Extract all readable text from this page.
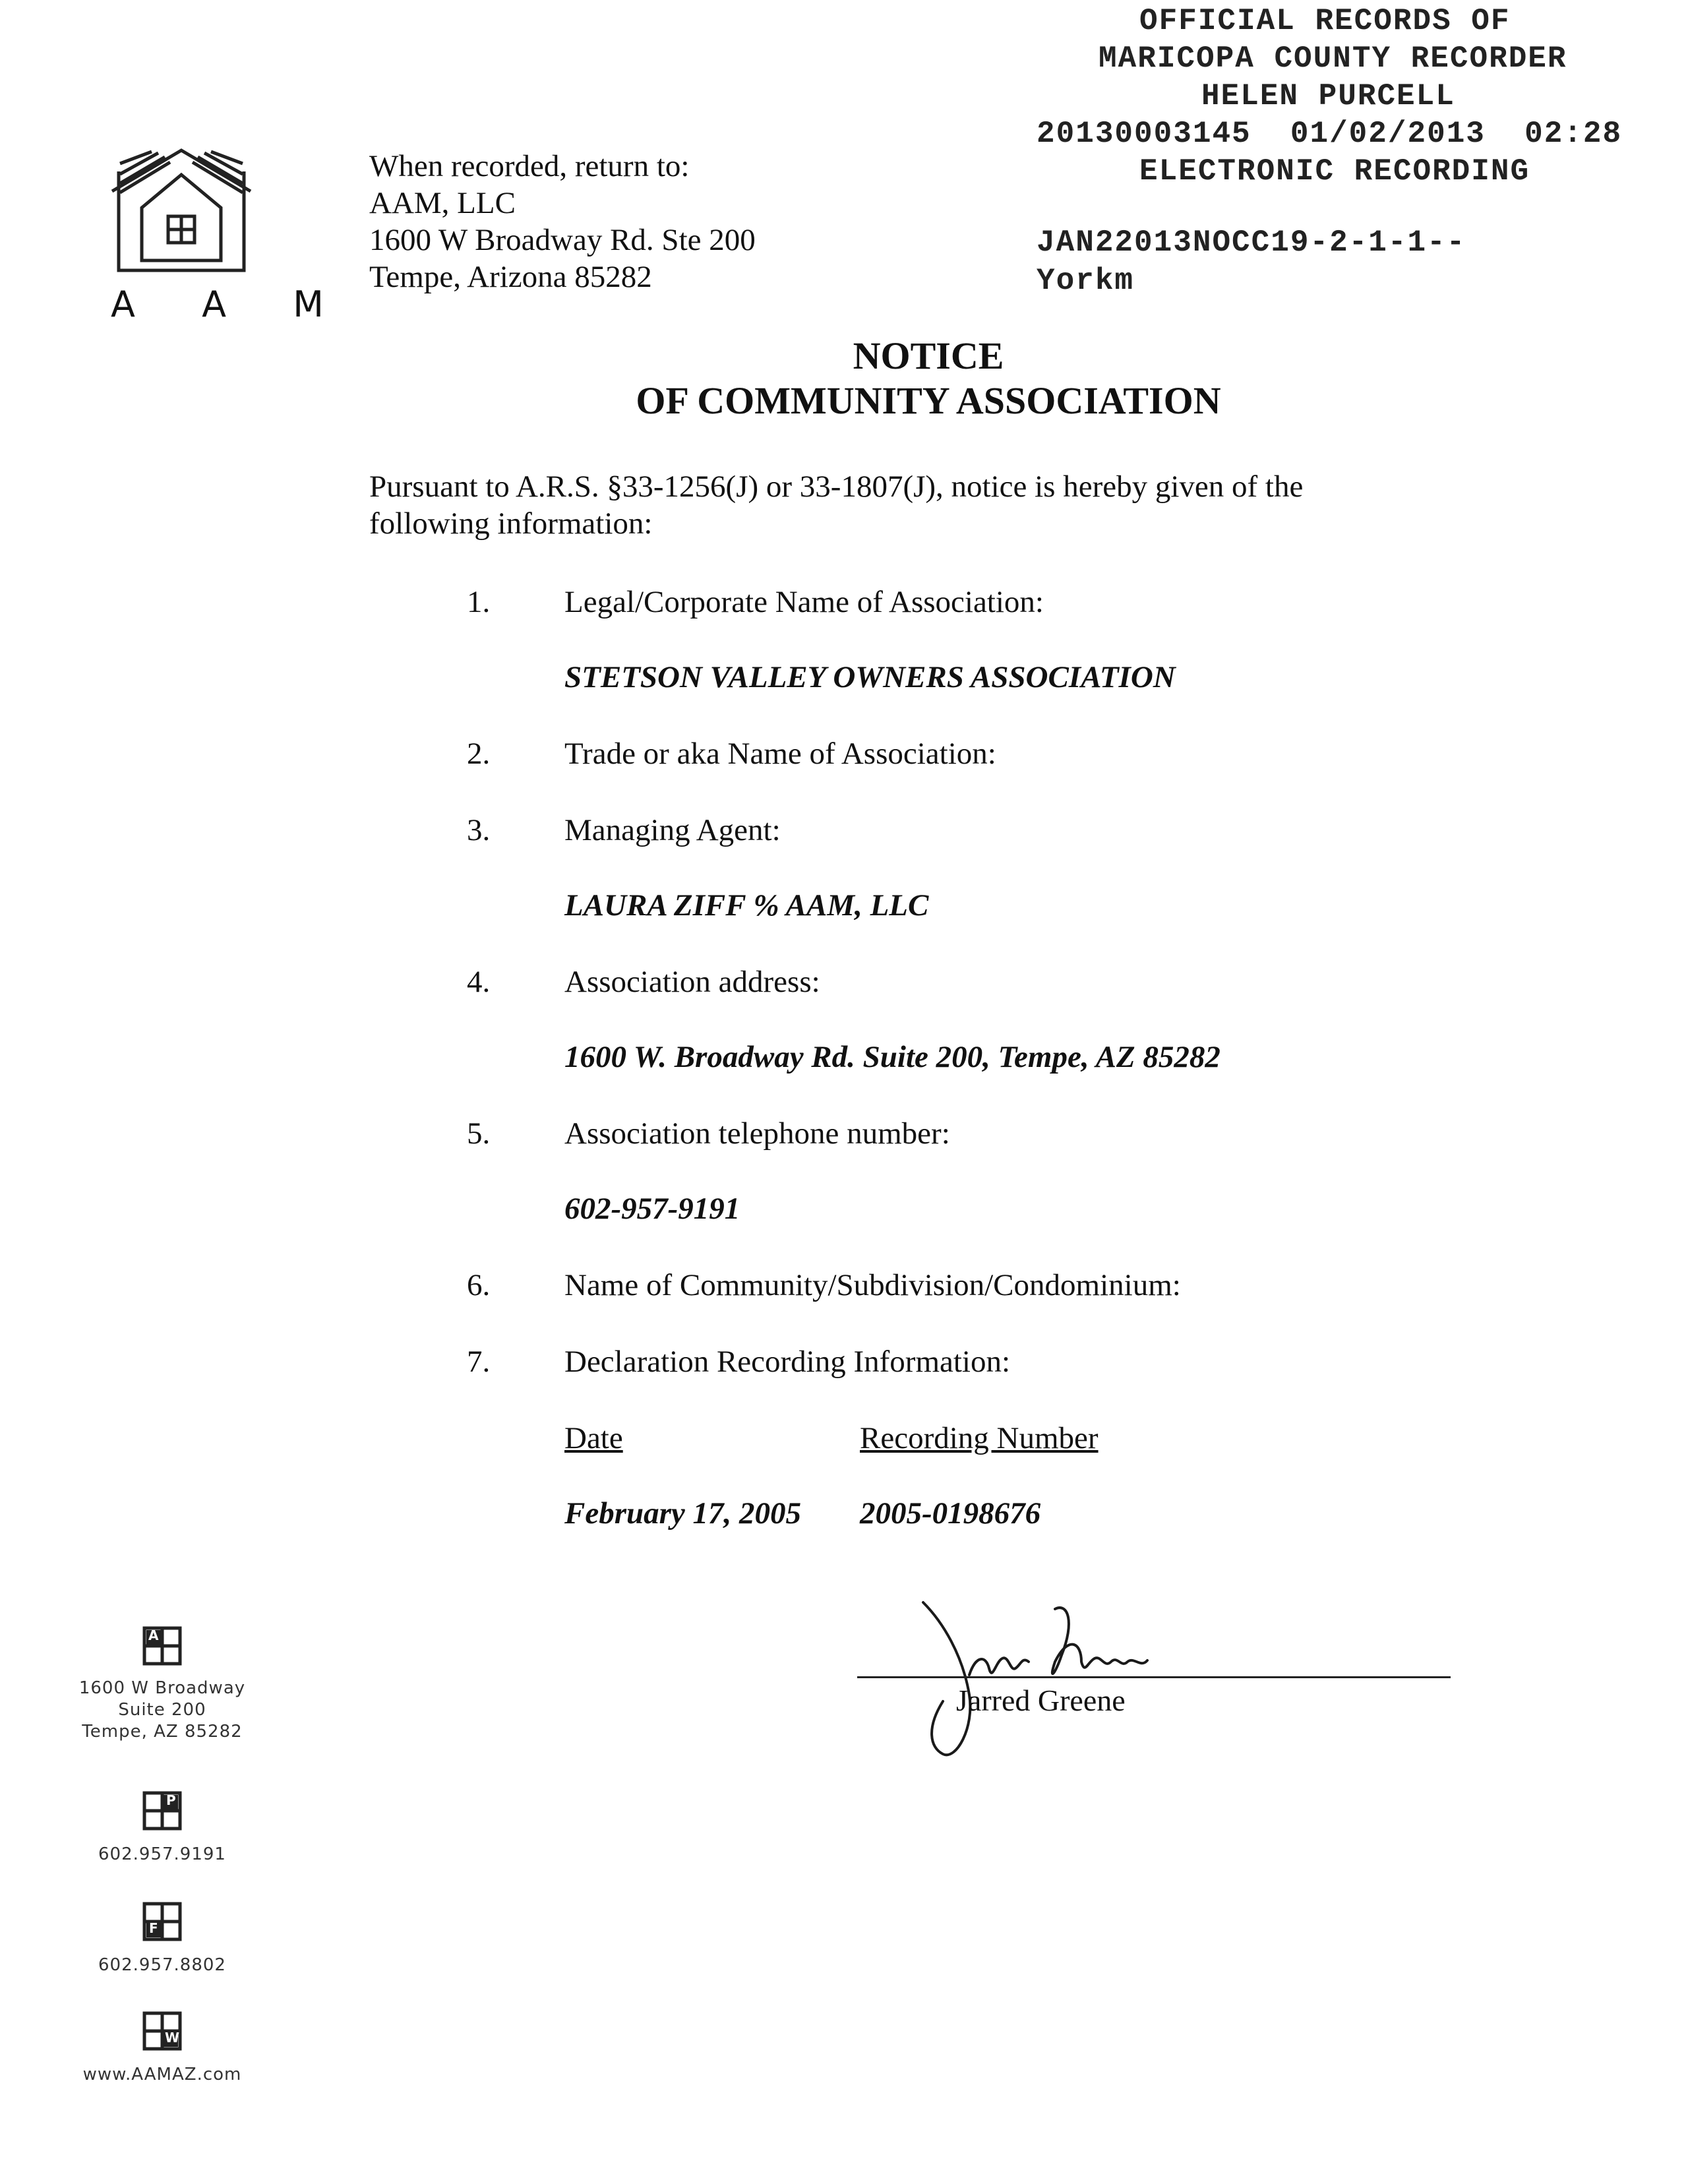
OFFICIAL RECORDS OF
MARICOPA COUNTY RECORDER
HELEN PURCELL
20130003145  01/02/2013  02:28
ELECTRONIC RECORDING
JAN22013NOCC19-2-1-1--
Yorkm
A A M
When recorded, return to:
AAM, LLC
1600 W Broadway Rd. Ste 200
Tempe, Arizona 85282
NOTICE
OF COMMUNITY ASSOCIATION
Pursuant to A.R.S. §33-1256(J) or 33-1807(J), notice is hereby given of the following information:
1. Legal/Corporate Name of Association:
STETSON VALLEY OWNERS ASSOCIATION
2. Trade or aka Name of Association:
3. Managing Agent:
LAURA ZIFF % AAM, LLC
4. Association address:
1600 W. Broadway Rd. Suite 200, Tempe, AZ 85282
5. Association telephone number:
602-957-9191
6. Name of Community/Subdivision/Condominium:
7. Declaration Recording Information:
Date	Recording Number
February 17, 2005 2005-0198676
Jarred Greene
A
1600 W Broadway
Suite 200
Tempe, AZ 85282
P
602.957.9191
F
602.957.8802
W
www.AAMAZ.com
